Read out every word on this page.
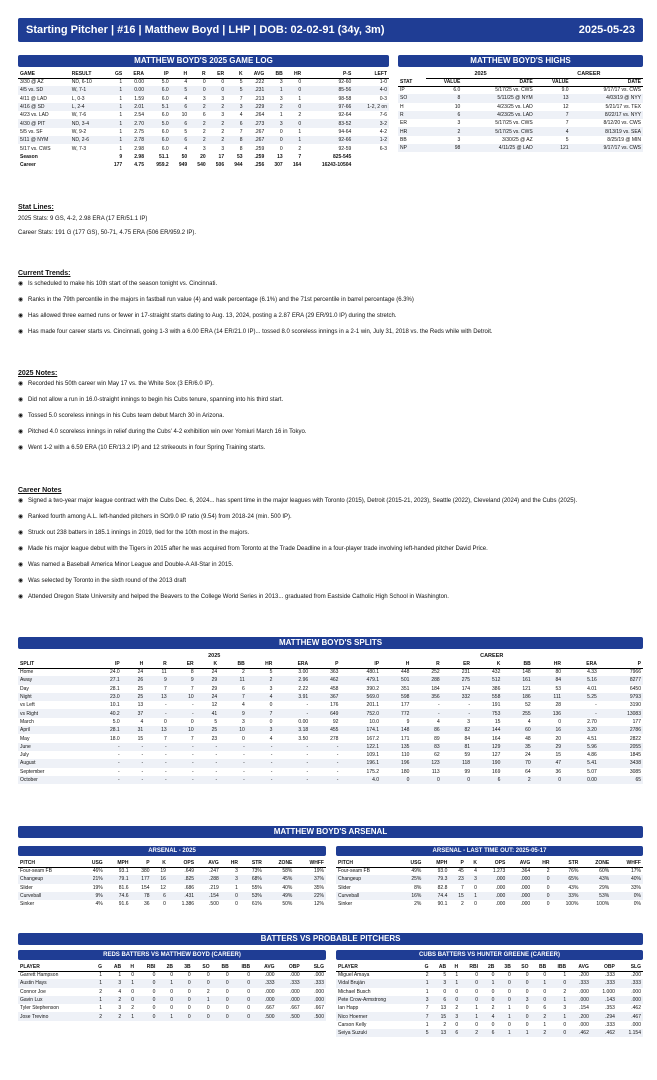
Starting Pitcher | #16 | Matthew Boyd | LHP | DOB: 02-02-91 (34y, 3m)	2025-05-23
MATTHEW BOYD'S 2025 GAME LOG
GAME	RESULT	GS	ERA	IP	H	R	ER	K	AVG	BB	HR	P-S	LEFT
3/30 @ AZ	ND, 6-10	1	0.00	5.0	4	0	0	5	.222	3	0	92-60	1-0
4/5 vs. SD	W, 7-1	1	0.00	6.0	5	0	0	5	.231	1	0	85-56	4-0
4/11 @ LAD	L, 0-3	1	1.59	6.0	4	3	3	7	.213	3	1	98-58	0-3
4/16 @ SD	L, 2-4	1	2.01	5.1	6	2	2	3	.229	2	0	97-66	1-2, 2 on
4/23 vs. LAD	W, 7-6	1	2.54	6.0	10	6	3	4	.264	1	2	92-64	7-6
4/30 @ PIT	ND, 3-4	1	2.70	5.0	6	2	2	6	.273	3	0	83-52	3-2
5/5 vs. SF	W, 9-2	1	2.75	6.0	5	2	2	7	.267	0	1	94-64	4-2
5/11 @ NYM	ND, 2-6	1	2.78	6.0	6	2	2	8	.267	0	1	92-66	1-2
5/17 vs. CWS	W, 7-3	1	2.98	6.0	4	3	3	8	.259	0	2	92-59	6-3
Season		9	2.98	51.1	50	20	17	53	.259	13	7	825-545	
Career		177	4.75	959.2	949	540	506	944	.256	307	164	16243-10504	
MATTHEW BOYD'S HIGHS
	2025		CAREER	
STAT	VALUE	DATE	VALUE	DATE
IP	6.0	5/17/25 vs. CWS	9.0	9/17/17 vs. CWS
SO	8	5/11/25 @ NYM	13	4/03/19 @ NYY
H	10	4/23/25 vs. LAD	12	5/21/17 vs. TEX
R	6	4/23/25 vs. LAD	7	8/22/17 vs. NYY
ER	3	5/17/25 vs. CWS	7	8/12/20 vs. CWS
HR	2	5/17/25 vs. CWS	4	8/13/19 vs. SEA
BB	3	3/30/25 @ AZ	5	8/25/19 @ MIN
NP	98	4/11/25 @ LAD	121	9/17/17 vs. CWS
Stat Lines:

2025 Stats: 9 GS, 4-2, 2.98 ERA (17 ER/51.1 IP)

Career Stats: 191 G (177 GS), 50-71, 4.75 ERA (506 ER/959.2 IP).

Current Trends:
◉ Is scheduled to make his 10th start of the season tonight vs. Cincinnati.
◉ Ranks in the 79th percentile in the majors in fastball run value (4) and walk percentage (6.1%) and the 71st percentile in barrel percentage (6.3%)
◉ Has allowed three earned runs or fewer in 17-straight starts dating to Aug. 13, 2024, posting a 2.87 ERA (29 ER/91.0 IP) during the stretch.
◉ Has made four career starts vs. Cincinnati, going 1-3 with a 6.00 ERA (14 ER/21.0 IP)... tossed 8.0 scoreless innings in a 2-1 win, July 31, 2018 vs. the Reds while with Detroit.
2025 Notes:
◉ Recorded his 50th career win May 17 vs. the White Sox (3 ER/6.0 IP).
◉ Did not allow a run in 16.0-straight innings to begin his Cubs tenure, spanning into his third start.
◉ Tossed 5.0 scoreless innings in his Cubs team debut March 30 in Arizona.
◉ Pitched 4.0 scoreless innings in relief during the Cubs' 4-2 exhibition win over Yomiuri March 16 in Tokyo.
◉ Went 1-2 with a 6.59 ERA (10 ER/13.2 IP) and 12 strikeouts in four Spring Training starts.
Career Notes
◉ Signed a two-year major league contract with the Cubs Dec. 6, 2024... has spent time in the major leagues with Toronto (2015), Detroit (2015-21, 2023), Seattle (2022), Cleveland (2024) and the Cubs (2025).
◉ Ranked fourth among A.L. left-handed pitchers in SO/9.0 IP ratio (9.54) from 2018-24 (min. 500 IP).
◉ Struck out 238 batters in 185.1 innings in 2019, tied for the 10th most in the majors.
◉ Made his major league debut with the Tigers in 2015 after he was acquired from Toronto at the Trade Deadline in a four-player trade involving left-handed pitcher David Price.
◉ Was named a Baseball America Minor League and Double-A All-Star in 2015.
◉ Was selected by Toronto in the sixth round of the 2013 draft
◉ Attended Oregon State University and helped the Beavers to the College World Series in 2013... graduated from Eastside Catholic High School in Washington.
MATTHEW BOYD'S SPLITS
	2025									CAREER								
SPLIT	IP	H	R	ER	K	BB	HR	ERA	P	IP	H	R	ER	K	BB	HR	ERA	P
Home	24.0	24	11	8	24	2	5	3.00	363	480.1	448	252	231	432	148	80	4.33	7966
Away	27.1	26	9	9	29	11	2	2.96	462	479.1	501	288	275	512	161	84	5.16	8277
Day	28.1	25	7	7	29	6	3	2.22	458	390.2	351	184	174	386	121	53	4.01	6450
Night	23.0	25	13	10	24	7	4	3.91	367	569.0	598	356	332	558	186	111	5.25	9793
vs Left	10.1	13	-	-	12	4	0	-	176	201.1	177	-	-	191	52	28	-	3190
vs Right	40.2	37	-	-	41	9	7	-	649	752.0	772	-	-	753	255	136	-	13083
March	5.0	4	0	0	5	3	0	0.00	92	10.0	9	4	3	15	4	0	2.70	177
April	28.1	31	13	10	25	10	3	3.18	455	174.1	148	86	82	144	60	16	3.20	2786
May	18.0	15	7	7	23	0	4	3.50	278	167.2	171	89	84	164	48	20	4.51	2822
June	-	-	-	-	-	-	-	-	-	122.1	135	83	81	129	35	29	5.96	2055
July	-	-	-	-	-	-	-	-	-	109.1	110	62	59	127	24	15	4.86	1845
August	-	-	-	-	-	-	-	-	-	196.1	196	123	118	190	70	47	5.41	3438
September	-	-	-	-	-	-	-	-	-	175.2	180	113	99	169	64	36	5.07	3085
October	-	-	-	-	-	-	-	-	-	4.0	0	0	0	6	2	0	0.00	65
MATTHEW BOYD'S ARSENAL
ARSENAL - 2025
PITCH	USG	MPH	P	K	OPS	AVG	HR	STR	ZONE	WHFF
Four-seam FB	46%	93.1	380	19	.649	.247	3	73%	58%	19%
Changeup	21%	79.1	177	16	.825	.288	3	68%	45%	37%
Slider	19%	81.6	154	12	.686	.219	1	55%	40%	35%
Curveball	9%	74.6	78	6	.431	.154	0	53%	49%	22%
Sinker	4%	91.6	36	0	1.386	.500	0	61%	50%	12%
ARSENAL - LAST TIME OUT: 2025-05-17
PITCH	USG	MPH	P	K	OPS	AVG	HR	STR	ZONE	WHFF
Four-seam FB	49%	93.0	45	4	1.273	.364	2	76%	60%	17%
Changeup	25%	79.3	23	3	.000	.000	0	65%	43%	40%
Slider	8%	82.8	7	0	.000	.000	0	43%	29%	33%
Curveball	16%	74.4	15	1	.000	.000	0	33%	53%	0%
Sinker	2%	90.1	2	0	.000	.000	0	100%	100%	0%
BATTERS VS PROBABLE PITCHERS
REDS BATTERS VS MATTHEW BOYD (CAREER)
PLAYER	G	AB	H	RBI	2B	3B	SO	BB	IBB	AVG	OBP	SLG
Garrett Hampson	1	1	0	0	0	0	0	0	0	.000	.000	.000
Austin Hays	1	3	1	0	1	0	0	0	0	.333	.333	.333
Connor Joe	2	4	0	0	0	0	2	0	0	.000	.000	.000
Gavin Lux	1	2	0	0	0	0	1	0	0	.000	.000	.000
Tyler Stephenson	1	3	2	0	0	0	0	0	0	.667	.667	.667
Jose Trevino	2	2	1	0	1	0	0	0	0	.500	.500	.500
CUBS BATTERS VS HUNTER GREENE (CAREER)
PLAYER	G	AB	H	RBI	2B	3B	SO	BB	IBB	AVG	OBP	SLG
Miguel Amaya	2	5	1	0	0	0	0	0	1	.200	.333	.200
Vidal Bruján	1	3	1	0	1	0	0	1	0	.333	.333	.333
Michael Busch	1	0	0	0	0	0	0	0	2	.000	1.000	.000
Pete Crow-Armstrong	3	6	0	0	0	0	3	0	1	.000	.143	.000
Ian Happ	7	13	2	1	2	1	0	6	3	.154	.353	.462
Nico Hoerner	7	15	3	1	4	1	0	2	1	.200	.294	.467
Carson Kelly	1	2	0	0	0	0	0	1	0	.000	.333	.000
Seiya Suzuki	5	13	6	2	6	1	1	2	0	.462	.462	1.154
